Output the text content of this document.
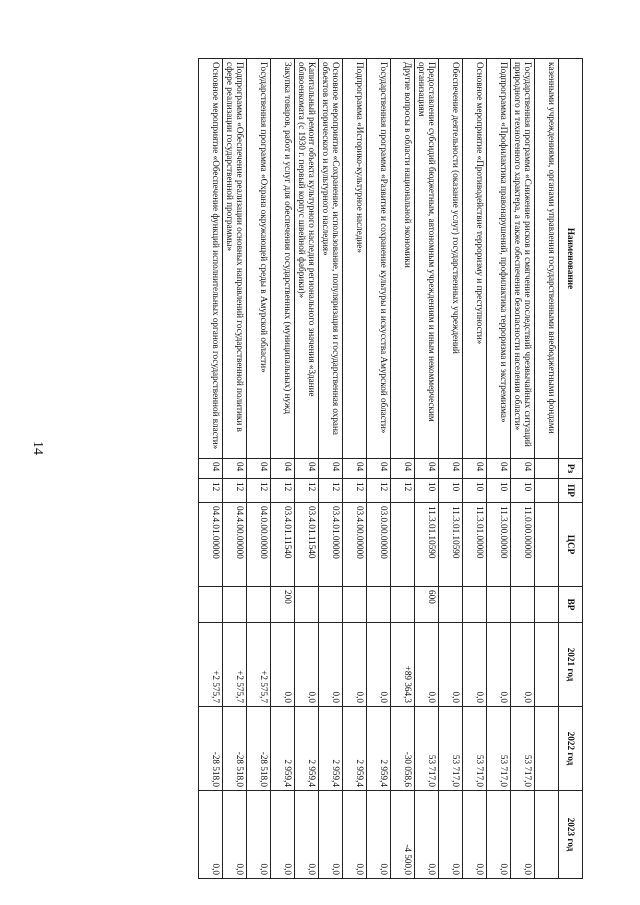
14
Наименование	Рз	ПР	ЦСР	ВР	2021 год	2022 год	2023 год
казенными учреждениями, органами управления государственными внебюджетными фондами							
Государственная программа «Снижение рисков и смягчение последствий чрезвычайных ситуаций природного и техногенного характера, а также обеспечение безопасности населения области»	04	10	11.0.00.00000		0,0	53 717,0	0,0
Подпрограмма «Профилактика правонарушений, профилактика терроризма и экстремизма»	04	10	11.3.00.00000		0,0	53 717,0	0,0
Основное мероприятие «Противодействие терроризму и преступности»	04	10	11.3.01.00000		0,0	53 717,0	0,0
Обеспечение деятельности (оказание услуг) государственных учреждений	04	10	11.3.01.10590		0,0	53 717,0	0,0
Предоставление субсидий бюджетным, автономным учреждениям и иным некоммерческим организациям	04	10	11.3.01.10590	600	0,0	53 717,0	0,0
Другие вопросы в области национальной экономики	04	12			+89 364,3	-30 058,6	-4 500,0
Государственная программа «Развитие и сохранение культуры и искусства Амурской области»	04	12	03.0.00.00000		0,0	2 959,4	0,0
Подпрограмма «Историко-культурное наследие»	04	12	03.4.00.00000		0,0	2 959,4	0,0
Основное мероприятие «Сохранение, использование, популяризация и государственная охрана объектов исторического и культурного наследия»	04	12	03.4.01.00000		0,0	2 959,4	0,0
Капитальный ремонт объекта культурного наследия регионального значения «Здание облвоенкомата (с 1930 г. первый корпус швейной фабрики)»	04	12	03.4.01.11540		0,0	2 959,4	0,0
Закупка товаров, работ и услуг для обеспечения государственных (муниципальных) нужд	04	12	03.4.01.11540	200	0,0	2 959,4	0,0
Государственная программа «Охрана окружающей среды в Амурской области»	04	12	04.0.00.00000		+2 575,7	-28 518,0	0,0
Подпрограмма «Обеспечение реализации основных направлений государственной политики в сфере реализации государственной программы»	04	12	04.4.00.00000		+2 575,7	-28 518,0	0,0
Основное мероприятие «Обеспечение функций исполнительных органов государственной власти»	04	12	04.4.01.00000		+2 575,7	-28 518,0	0,0
